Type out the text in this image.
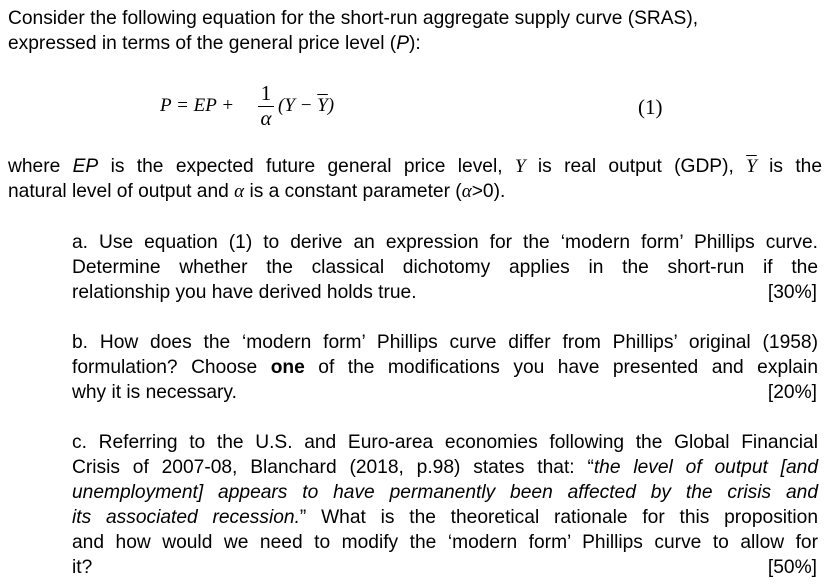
Consider the following equation for the short-run aggregate supply curve (SRAS),
expressed in terms of the general price level (P):
P = EP +
1
α
$(Y - \overline{Y})$	(1)
where EP is the expected future general price level, Y is real output (GDP), $\overline{Y}$ is the
natural level of output and α is a constant parameter (α>0).
a. Use equation (1) to derive an expression for the ‘modern form’ Phillips curve.
Determine whether the classical dichotomy applies in the short-run if the
relationship you have derived holds true.	[30%]
b. How does the ‘modern form’ Phillips curve differ from Phillips’ original (1958)
formulation? Choose one of the modifications you have presented and explain
why it is necessary.	[20%]
c. Referring to the U.S. and Euro-area economies following the Global Financial
Crisis of 2007-08, Blanchard (2018, p.98) states that: “the level of output [and
unemployment] appears to have permanently been affected by the crisis and
its associated recession.” What is the theoretical rationale for this proposition
and how would we need to modify the ‘modern form’ Phillips curve to allow for
it?	[50%]
